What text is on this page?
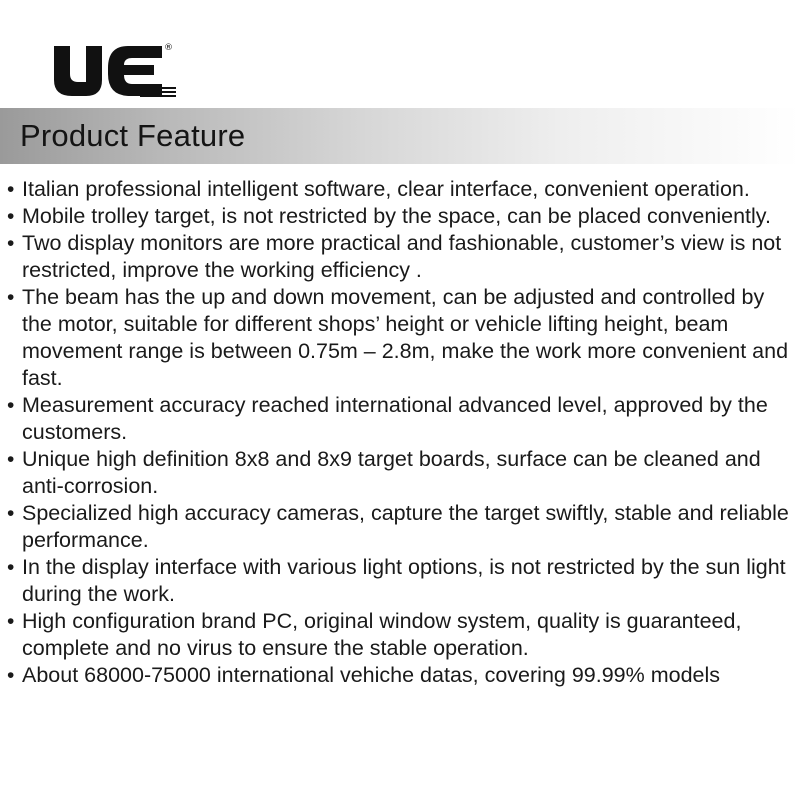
®
Product Feature
• Italian professional intelligent software, clear interface, convenient operation.
• Mobile trolley target, is not restricted by the space, can be placed conveniently.
• Two display monitors are more practical and fashionable, customer’s view is not restricted, improve the working efficiency .
• The beam has the up and down movement, can be adjusted and controlled by the motor, suitable for different shops’ height or vehicle lifting height, beam movement range is between 0.75m – 2.8m, make the work more convenient and fast.
• Measurement accuracy reached international advanced level, approved by the customers.
• Unique high definition 8x8 and 8x9 target boards, surface can be cleaned and anti-corrosion.
• Specialized high accuracy cameras, capture the target swiftly, stable and reliable performance.
• In the display interface with various light options, is not restricted by the sun light during the work.
• High configuration brand PC, original window system, quality is guaranteed, complete and no virus to ensure the stable operation.
• About 68000-75000 international vehiche datas, covering 99.99% models
